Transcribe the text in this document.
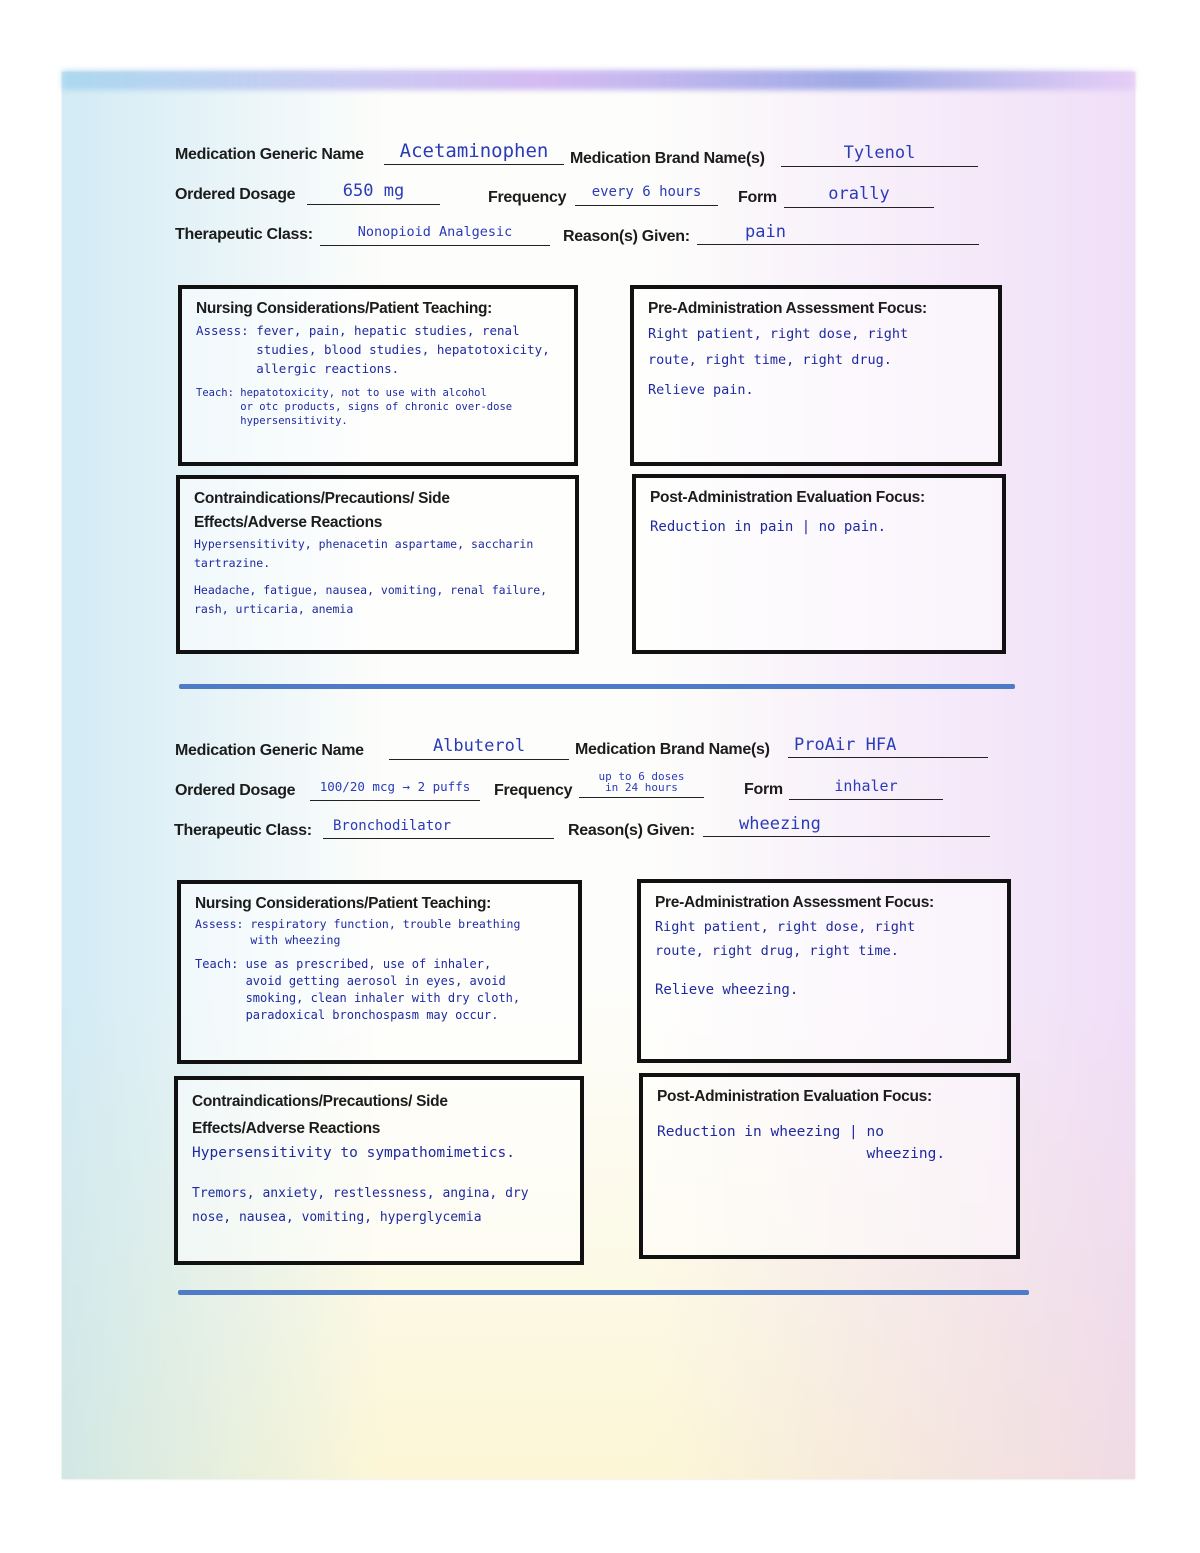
Medication Generic Name	Acetaminophen	Medication Brand Name(s)	Tylenol
Ordered Dosage	650 mg	Frequency	every 6 hours	Form	orally
Therapeutic Class:	Nonopioid Analgesic	Reason(s) Given:	pain
Nursing Considerations/Patient Teaching:
Assess: fever, pain, hepatic studies, renal
studies, blood studies, hepatotoxicity,
allergic reactions.
Teach: hepatotoxicity, not to use with alcohol
or otc products, signs of chronic over-dose
hypersensitivity.
Pre-Administration Assessment Focus:
Right patient, right dose, right
route, right time, right drug.
Relieve pain.
Contraindications/Precautions/ Side Effects/Adverse Reactions
Hypersensitivity, phenacetin aspartame, saccharin
tartrazine.
Headache, fatigue, nausea, vomiting, renal failure,
rash, urticaria, anemia
Post-Administration Evaluation Focus:
Reduction in pain | no pain.
Medication Generic Name	Albuterol	Medication Brand Name(s)	ProAir HFA
Ordered Dosage	100/20 mcg → 2 puffs	Frequency
up to 6 doses
in 24 hours	Form	inhaler
Therapeutic Class:	Bronchodilator	Reason(s) Given:	wheezing
Nursing Considerations/Patient Teaching:
Assess: respiratory function, trouble breathing
with wheezing
Teach: use as prescribed, use of inhaler,
avoid getting aerosol in eyes, avoid
smoking, clean inhaler with dry cloth,
paradoxical bronchospasm may occur.
Pre-Administration Assessment Focus:
Right patient, right dose, right
route, right drug, right time.
Relieve wheezing.
Contraindications/Precautions/ Side Effects/Adverse Reactions
Hypersensitivity to sympathomimetics.
Tremors, anxiety, restlessness, angina, dry
nose, nausea, vomiting, hyperglycemia
Post-Administration Evaluation Focus:
Reduction in wheezing | no
wheezing.
